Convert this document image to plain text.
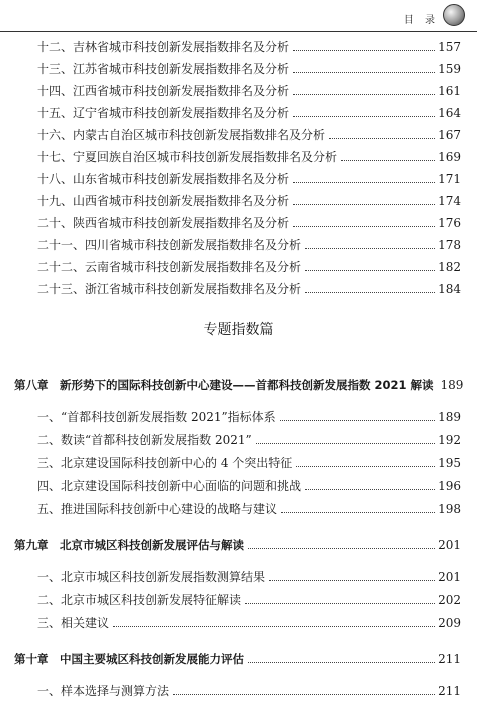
目 录
十二、吉林省城市科技创新发展指数排名及分析	157
十三、江苏省城市科技创新发展指数排名及分析	159
十四、江西省城市科技创新发展指数排名及分析	161
十五、辽宁省城市科技创新发展指数排名及分析	164
十六、内蒙古自治区城市科技创新发展指数排名及分析	167
十七、宁夏回族自治区城市科技创新发展指数排名及分析	169
十八、山东省城市科技创新发展指数排名及分析	171
十九、山西省城市科技创新发展指数排名及分析	174
二十、陕西省城市科技创新发展指数排名及分析	176
二十一、四川省城市科技创新发展指数排名及分析	178
二十二、云南省城市科技创新发展指数排名及分析	182
二十三、浙江省城市科技创新发展指数排名及分析	184
专题指数篇
第八章　新形势下的国际科技创新中心建设——首都科技创新发展指数 2021 解读 189
一、“首都科技创新发展指数 2021”指标体系	189
二、数读“首都科技创新发展指数 2021”	192
三、北京建设国际科技创新中心的 4 个突出特征	195
四、北京建设国际科技创新中心面临的问题和挑战	196
五、推进国际科技创新中心建设的战略与建议	198
第九章　北京市城区科技创新发展评估与解读	201
一、北京市城区科技创新发展指数测算结果	201
二、北京市城区科技创新发展特征解读	202
三、相关建议	209
第十章　中国主要城区科技创新发展能力评估	211
一、样本选择与测算方法	211
